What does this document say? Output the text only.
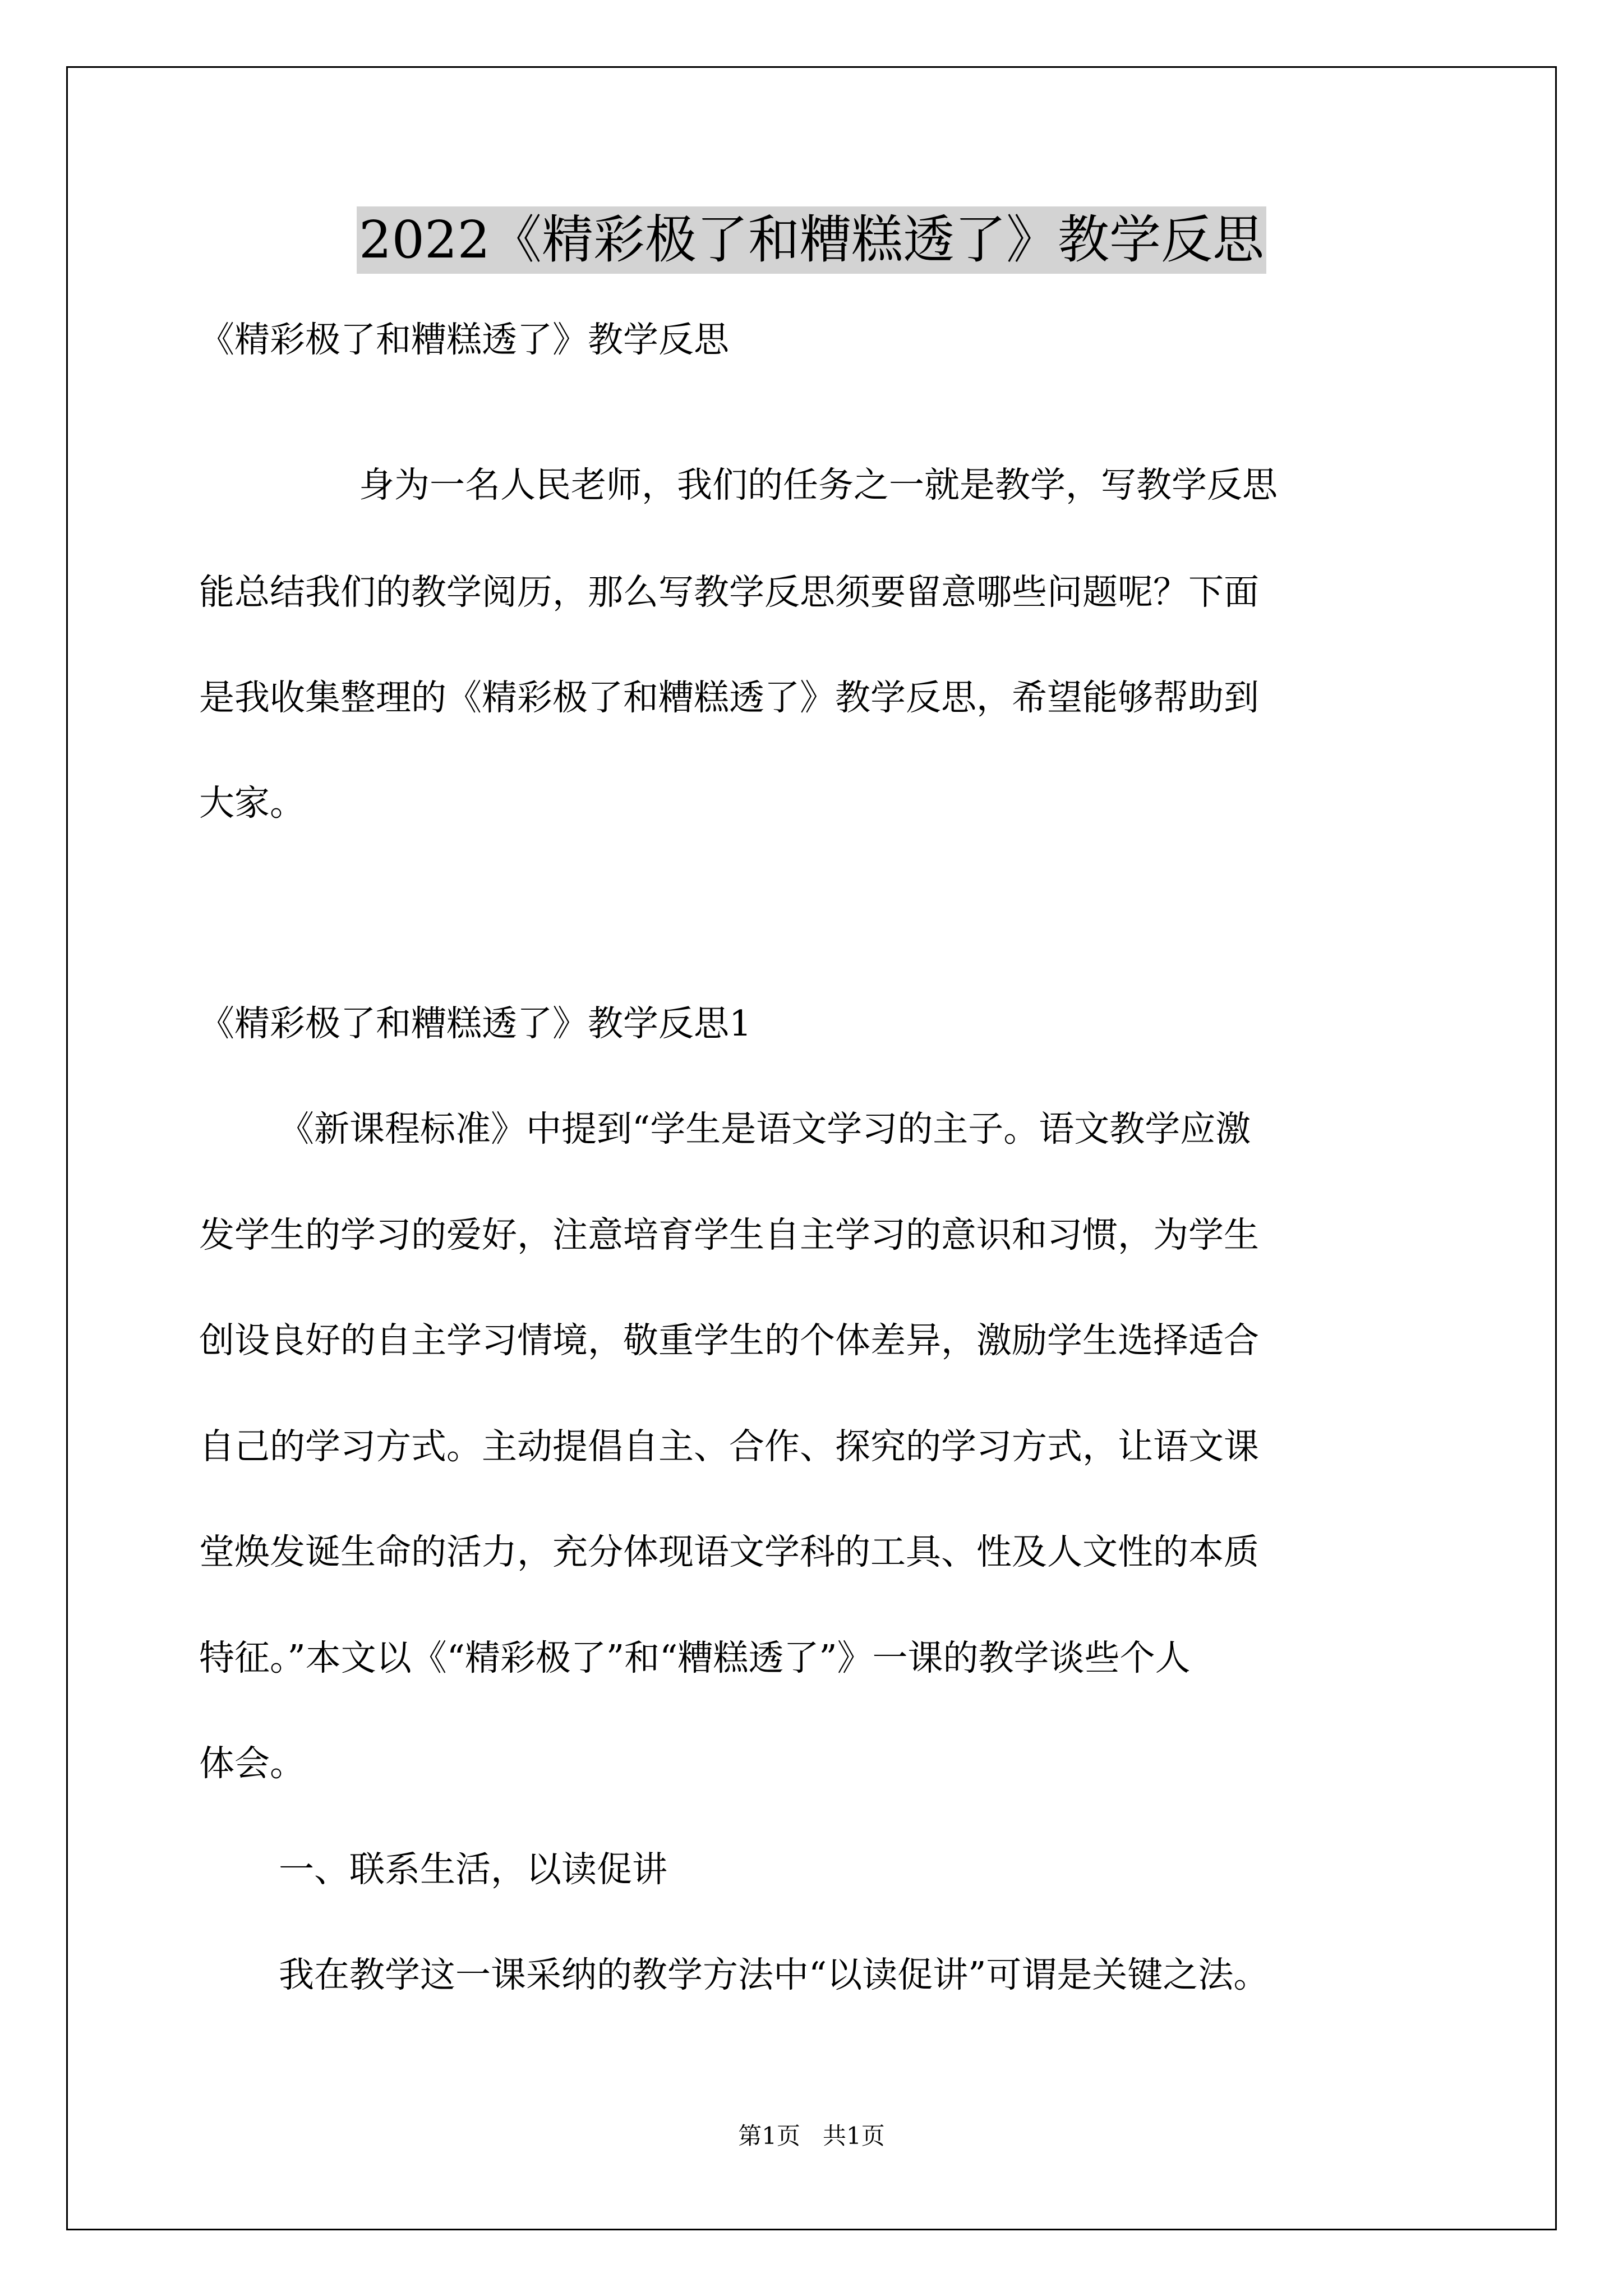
2022《精彩极了和糟糕透了》教学反思
《精彩极了和糟糕透了》教学反思
身为一名人民老师，我们的任务之一就是教学，写教学反思
能总结我们的教学阅历，那么写教学反思须要留意哪些问题呢？下面
是我收集整理的《精彩极了和糟糕透了》教学反思，希望能够帮助到
大家。
《精彩极了和糟糕透了》教学反思1
《新课程标准》中提到“学生是语文学习的主子。语文教学应激
发学生的学习的爱好，注意培育学生自主学习的意识和习惯，为学生
创设良好的自主学习情境，敬重学生的个体差异，激励学生选择适合
自己的学习方式。主动提倡自主、合作、探究的学习方式，让语文课
堂焕发诞生命的活力，充分体现语文学科的工具、性及人文性的本质
特征。”本文以《“精彩极了”和“糟糕透了”》一课的教学谈些个人
体会。
一、联系生活，以读促讲
我在教学这一课采纳的教学方法中“以读促讲”可谓是关键之法。
第1页   共1页
